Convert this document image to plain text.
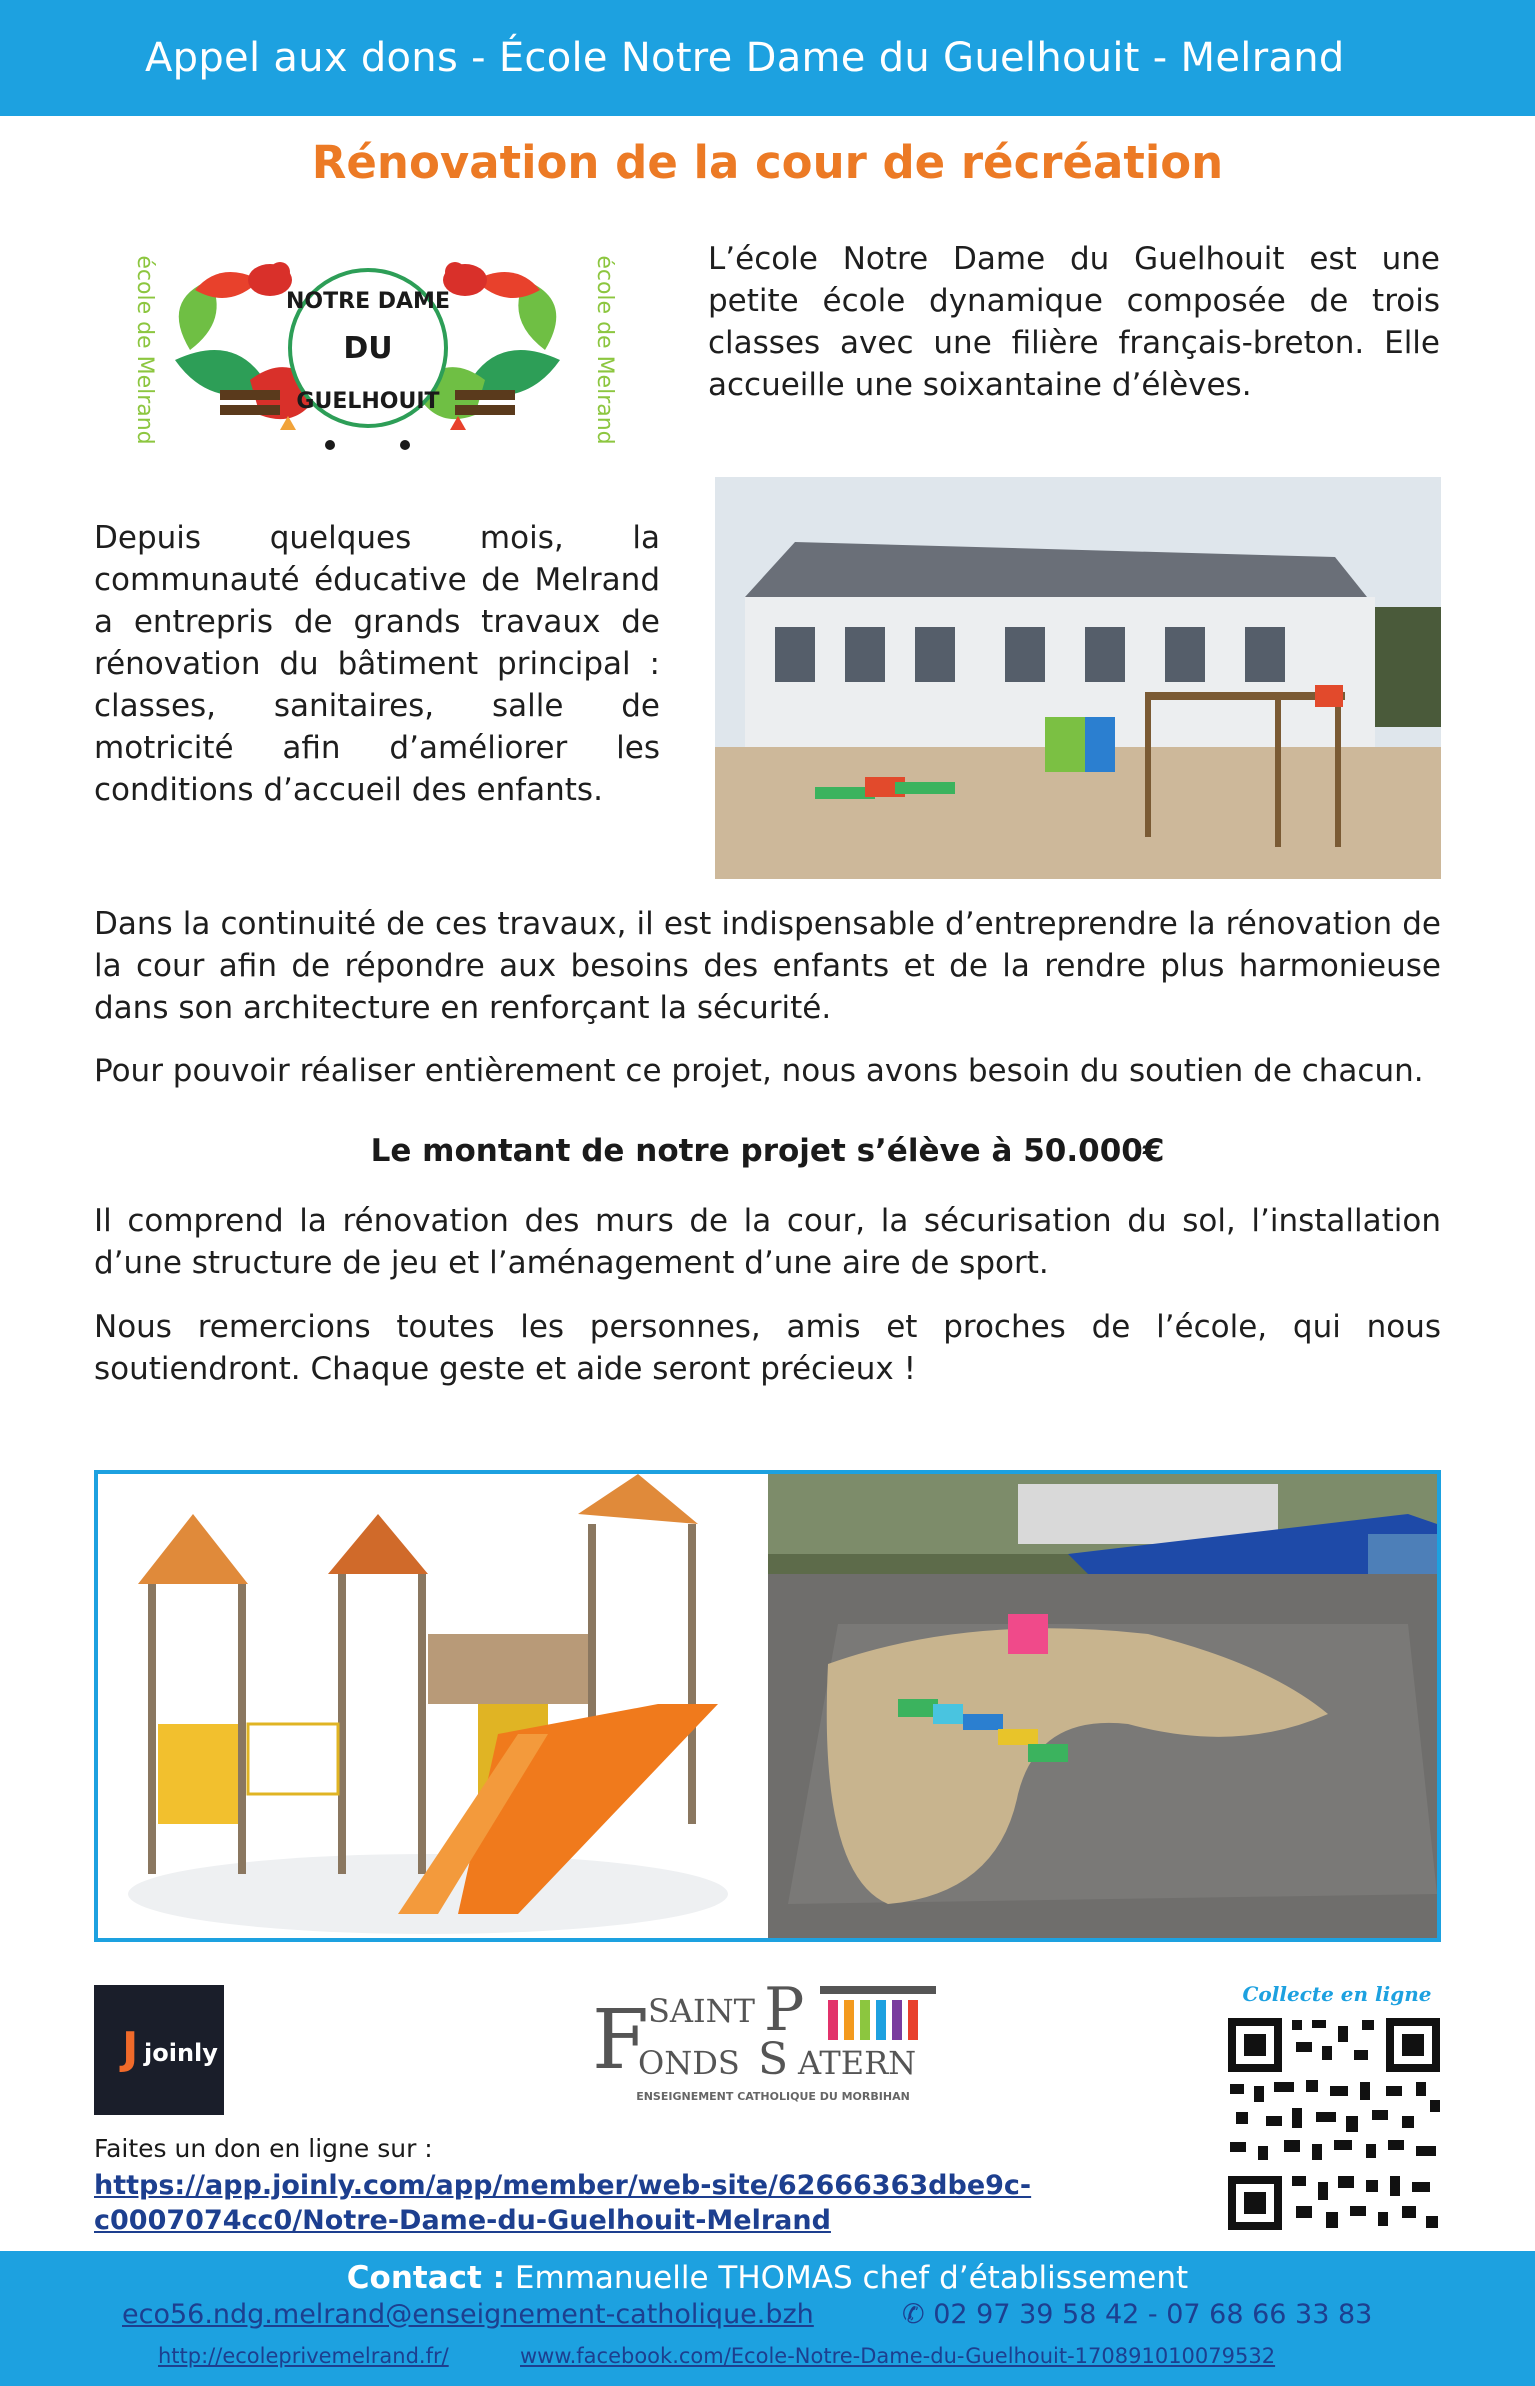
Appel aux dons - École Notre Dame du Guelhouit - Melrand
Rénovation de la cour de récréation
école de Melrand	école de Melrand
NOTRE DAME
DU
GUELHOUIT
L’école Notre Dame du Guelhouit est une petite école dynamique composée de trois classes avec une filière français-breton. Elle accueille une soixantaine d’élèves.
Depuis quelques mois, la communauté éducative de Melrand a entrepris de grands travaux de rénovation du bâtiment principal : classes, sanitaires, salle de motricité afin d’améliorer les conditions d’accueil des enfants.
Dans la continuité de ces travaux, il est indispensable d’entreprendre la rénovation de la cour afin de répondre aux besoins des enfants et de la rendre plus harmonieuse dans son architecture en renforçant la sécurité.
Pour pouvoir réaliser entièrement ce projet, nous avons besoin du soutien de chacun.
Le montant de notre projet s’élève à 50.000€
Il comprend la rénovation des murs de la cour, la sécurisation du sol, l’installation d’une structure de jeu et l’aménagement d’une aire de sport.
Nous remercions toutes les personnes, amis et proches de l’école, qui nous soutiendront. Chaque geste et aide seront précieux !
J joinly	F SAINT P
ONDS S ATERN
ENSEIGNEMENT CATHOLIQUE DU MORBIHAN
Collecte en ligne
Faites un don en ligne sur :
https://app.joinly.com/app/member/web-site/62666363dbe9c-
c0007074cc0/Notre-Dame-du-Guelhouit-Melrand
Contact : Emmanuelle THOMAS chef d’établissement
eco56.ndg.melrand@enseignement-catholique.bzh	✆ 02 97 39 58 42 - 07 68 66 33 83
http://ecoleprivemelrand.fr/	www.facebook.com/Ecole-Notre-Dame-du-Guelhouit-170891010079532
